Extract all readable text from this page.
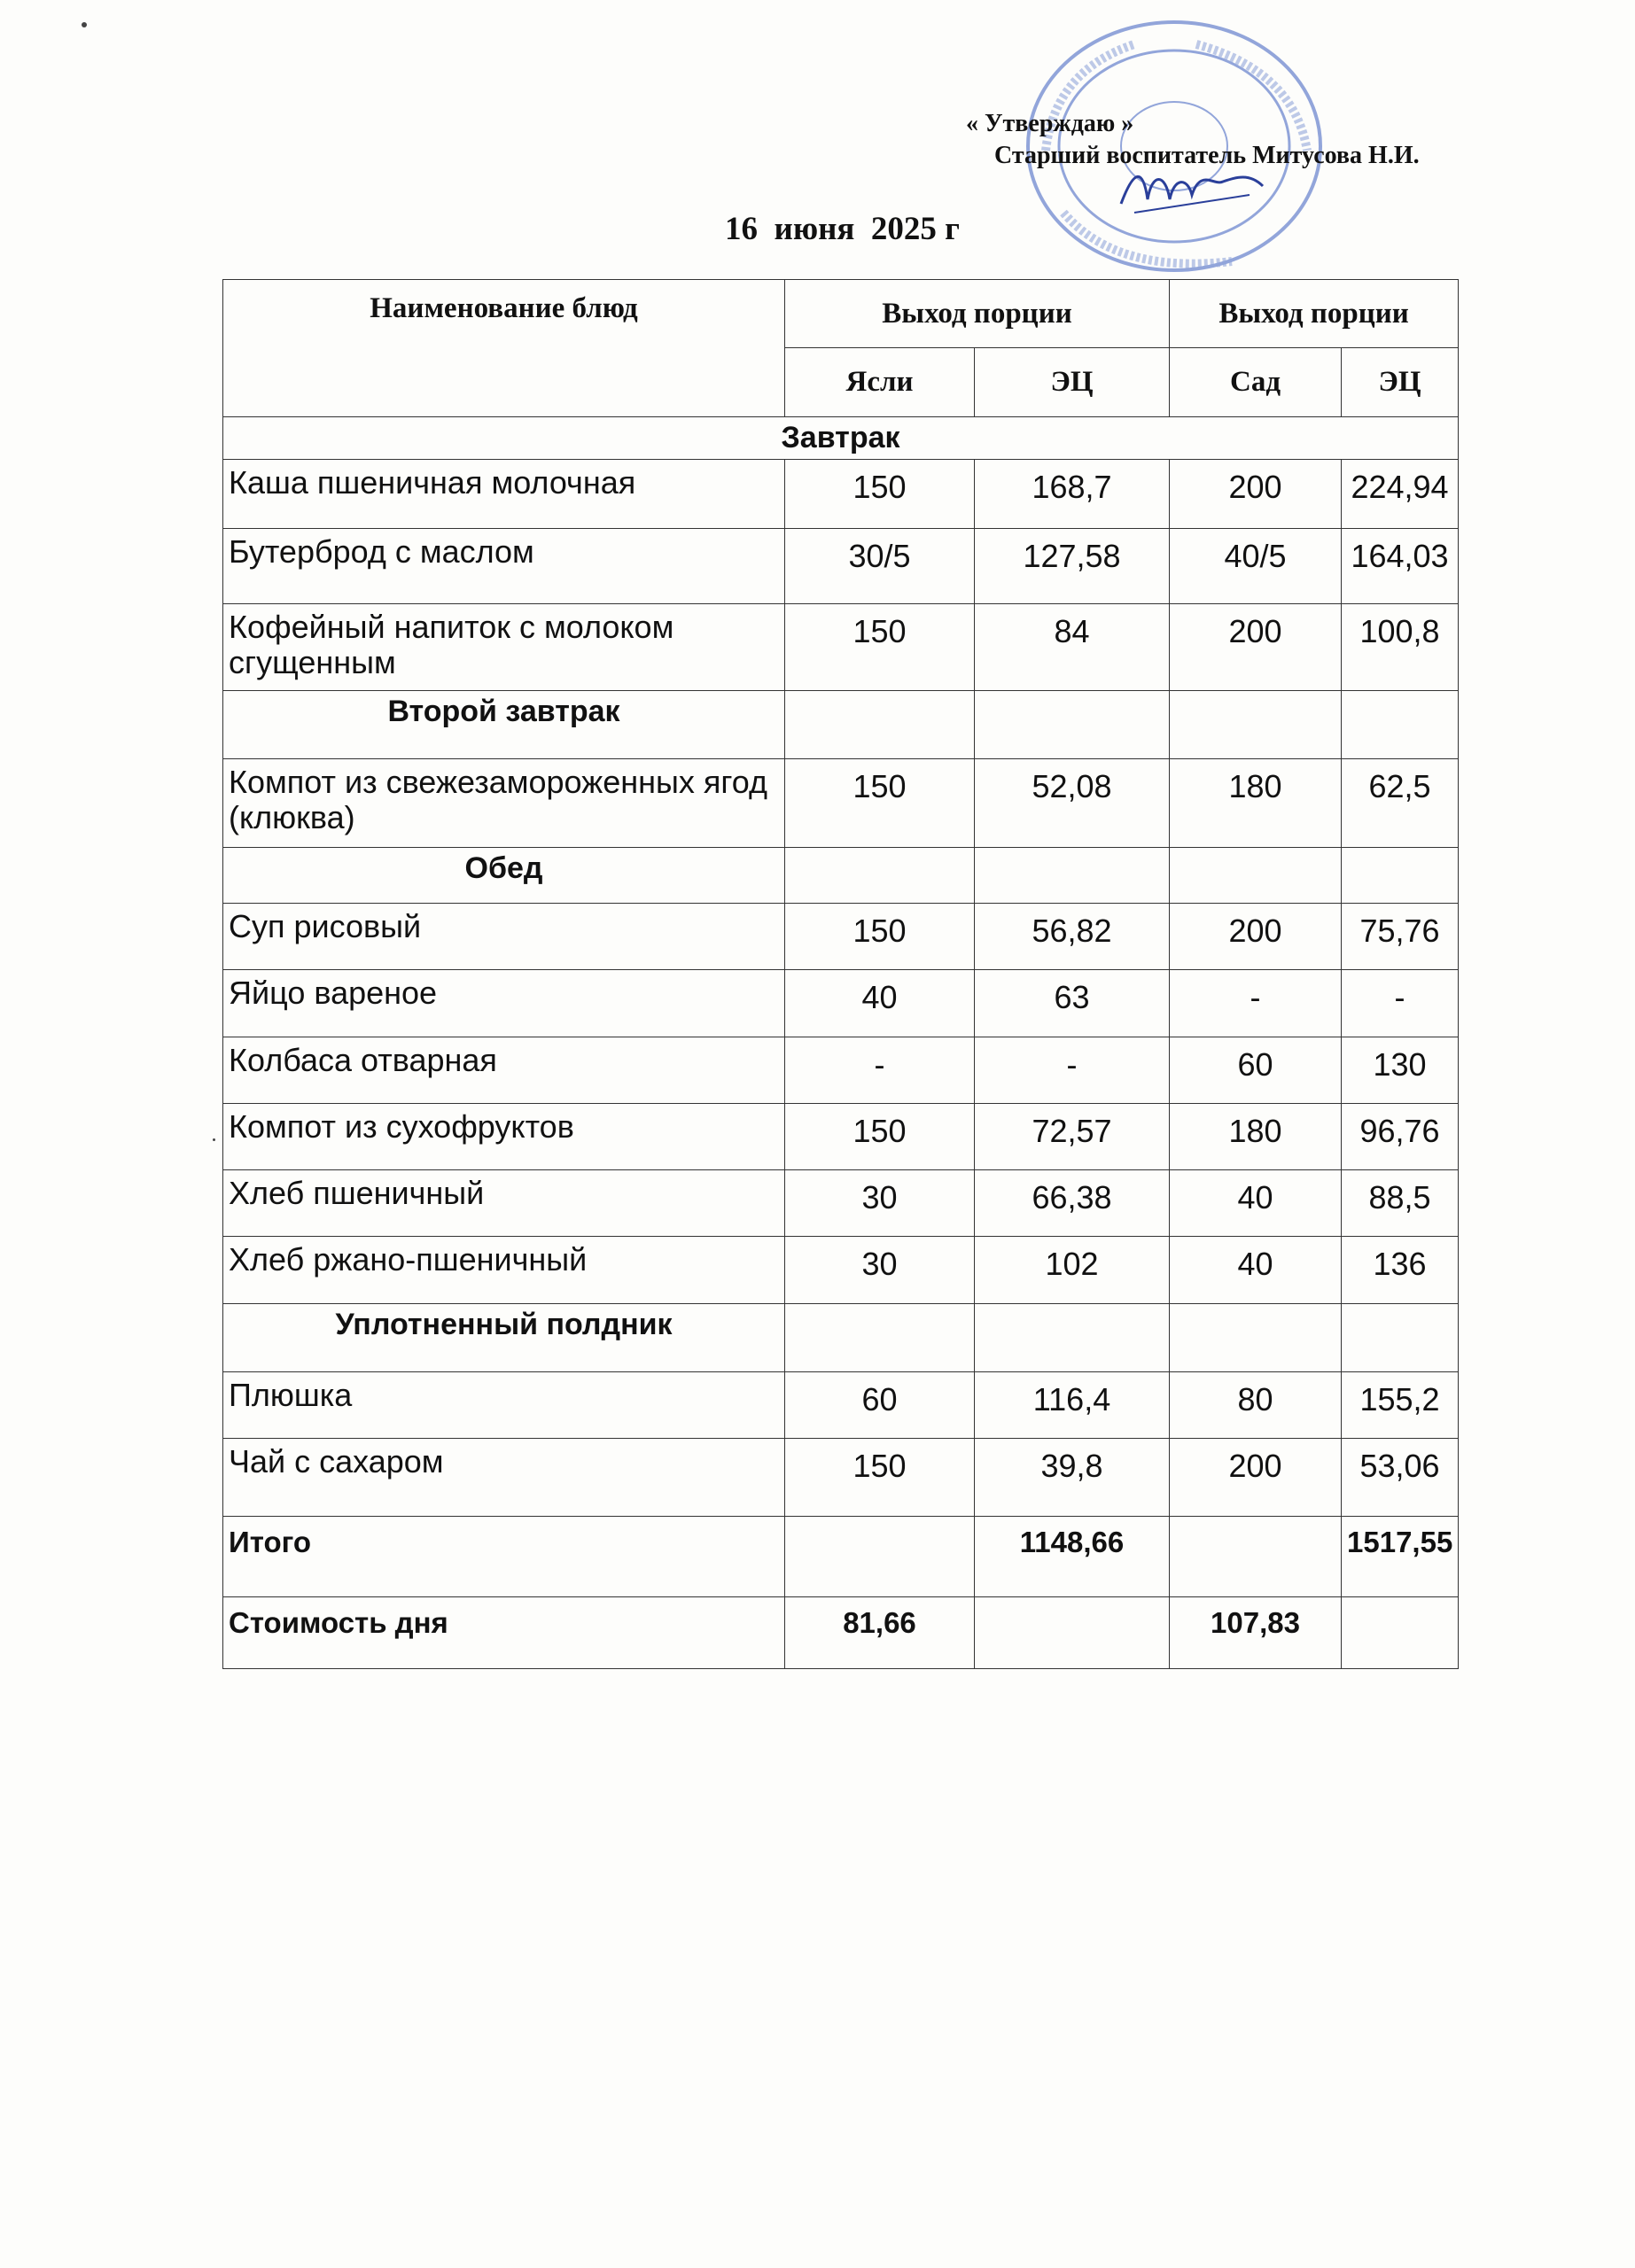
« Утверждаю »
Старший воспитатель Митусова Н.И.
16  июня  2025 г
Наименование блюд	Выход порции		Выход порции	
	Ясли	ЭЦ	Сад	ЭЦ
Завтрак				
Каша пшеничная молочная	150	168,7	200	224,94
Бутерброд с маслом	30/5	127,58	40/5	164,03
Кофейный напиток с молоком сгущенным	150	84	200	100,8
Второй завтрак				
Компот из свежезамороженных ягод (клюква)	150	52,08	180	62,5
Обед				
Суп рисовый	150	56,82	200	75,76
Яйцо вареное	40	63	-	-
Колбаса отварная	-	-	60	130
Компот из сухофруктов	150	72,57	180	96,76
Хлеб пшеничный	30	66,38	40	88,5
Хлеб ржано-пшеничный	30	102	40	136
Уплотненный полдник				
Плюшка	60	116,4	80	155,2
Чай с сахаром	150	39,8	200	53,06
Итого		1148,66		1517,55
Стоимость дня	81,66		107,83	
